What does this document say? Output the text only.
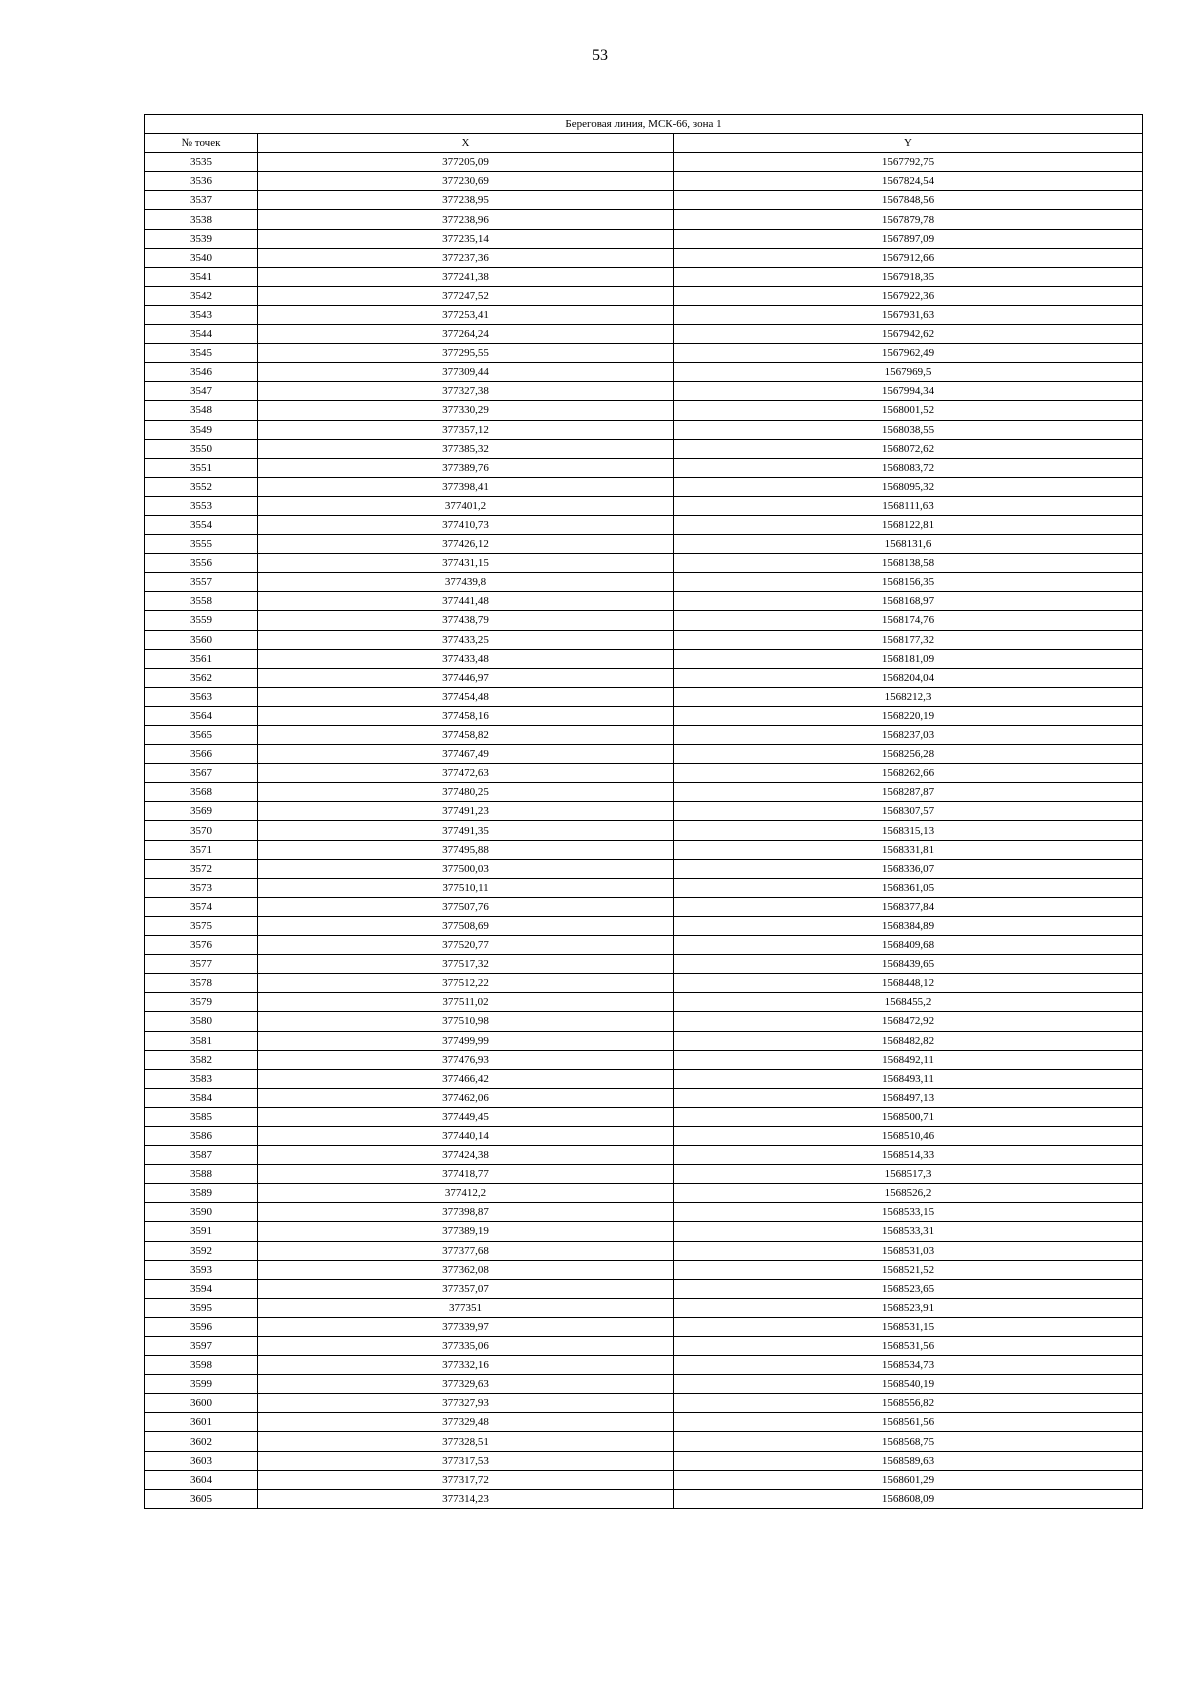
53
Береговая линия, МСК-66, зона 1		
№ точек	X	Y
3535	377205,09	1567792,75
3536	377230,69	1567824,54
3537	377238,95	1567848,56
3538	377238,96	1567879,78
3539	377235,14	1567897,09
3540	377237,36	1567912,66
3541	377241,38	1567918,35
3542	377247,52	1567922,36
3543	377253,41	1567931,63
3544	377264,24	1567942,62
3545	377295,55	1567962,49
3546	377309,44	1567969,5
3547	377327,38	1567994,34
3548	377330,29	1568001,52
3549	377357,12	1568038,55
3550	377385,32	1568072,62
3551	377389,76	1568083,72
3552	377398,41	1568095,32
3553	377401,2	1568111,63
3554	377410,73	1568122,81
3555	377426,12	1568131,6
3556	377431,15	1568138,58
3557	377439,8	1568156,35
3558	377441,48	1568168,97
3559	377438,79	1568174,76
3560	377433,25	1568177,32
3561	377433,48	1568181,09
3562	377446,97	1568204,04
3563	377454,48	1568212,3
3564	377458,16	1568220,19
3565	377458,82	1568237,03
3566	377467,49	1568256,28
3567	377472,63	1568262,66
3568	377480,25	1568287,87
3569	377491,23	1568307,57
3570	377491,35	1568315,13
3571	377495,88	1568331,81
3572	377500,03	1568336,07
3573	377510,11	1568361,05
3574	377507,76	1568377,84
3575	377508,69	1568384,89
3576	377520,77	1568409,68
3577	377517,32	1568439,65
3578	377512,22	1568448,12
3579	377511,02	1568455,2
3580	377510,98	1568472,92
3581	377499,99	1568482,82
3582	377476,93	1568492,11
3583	377466,42	1568493,11
3584	377462,06	1568497,13
3585	377449,45	1568500,71
3586	377440,14	1568510,46
3587	377424,38	1568514,33
3588	377418,77	1568517,3
3589	377412,2	1568526,2
3590	377398,87	1568533,15
3591	377389,19	1568533,31
3592	377377,68	1568531,03
3593	377362,08	1568521,52
3594	377357,07	1568523,65
3595	377351	1568523,91
3596	377339,97	1568531,15
3597	377335,06	1568531,56
3598	377332,16	1568534,73
3599	377329,63	1568540,19
3600	377327,93	1568556,82
3601	377329,48	1568561,56
3602	377328,51	1568568,75
3603	377317,53	1568589,63
3604	377317,72	1568601,29
3605	377314,23	1568608,09
